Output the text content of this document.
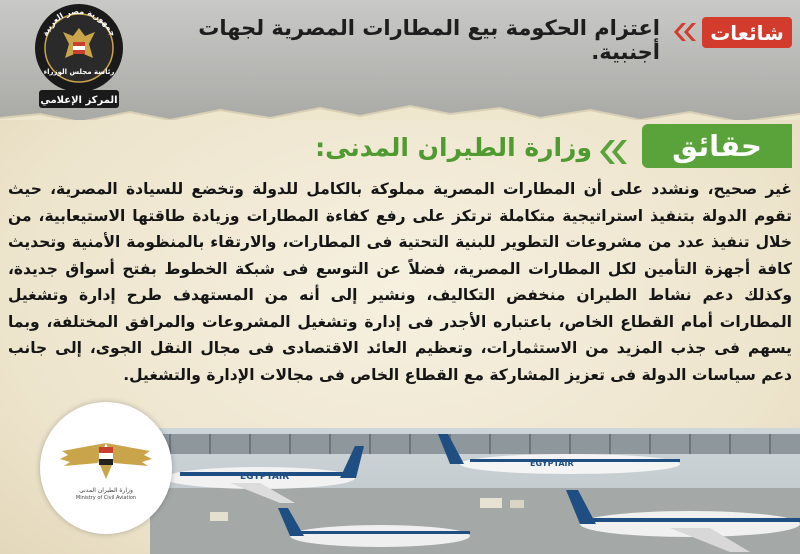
جمهورية مصر العربية
رئاسة مجلس الوزراء
المركز الإعلامي
شائعات
اعتزام الحكومة بيع المطارات المصرية لجهات أجنبية.
حقائق
وزارة الطيران المدنى:

غير صحيح، ونشدد على أن المطارات المصرية مملوكة بالكامل للدولة وتخضع للسيادة المصرية، حيث تقوم الدولة بتنفيذ استراتيجية متكاملة ترتكز على رفع كفاءة المطارات وزيادة طاقتها الاستيعابية، من خلال تنفيذ عدد من مشروعات التطوير للبنية التحتية فى المطارات، والارتقاء بالمنظومة الأمنية وتحديث كافة أجهزة التأمين لكل المطارات المصرية، فضلاً عن التوسع فى شبكة الخطوط بفتح أسواق جديدة، وكذلك دعم نشاط الطيران منخفض التكاليف، ونشير إلى أنه من المستهدف طرح إدارة وتشغيل المطارات أمام القطاع الخاص، باعتباره الأجدر فى إدارة وتشغيل المشروعات والمرافق المختلفة، وبما يسهم فى جذب المزيد من الاستثمارات، وتعظيم العائد الاقتصادى فى مجال النقل الجوى، إلى جانب دعم سياسات الدولة فى تعزيز المشاركة مع القطاع الخاص فى مجالات الإدارة والتشغيل.

EGYPTAIR
EGYPTAIR
وزارة الطيران المدنى
Ministry of Civil Aviation
